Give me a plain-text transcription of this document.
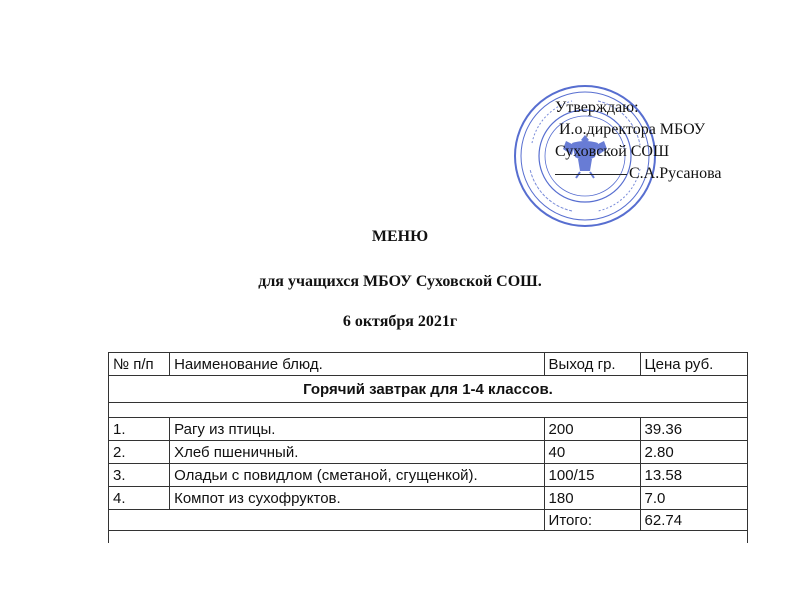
Утверждаю:
И.о.директора МБОУ
Суховской СОШ
С.А.Русанова
МЕНЮ
для учащихся МБОУ Суховской СОШ.
6 октября 2021г
№ п/п	Наименование блюд.	Выход гр.	Цена руб.
Горячий завтрак для 1-4 классов.			

1.	Рагу из птицы.	200	39.36
2.	Хлеб пшеничный.	40	2.80
3.	Оладьи с повидлом (сметаной, сгущенкой).	100/15	13.58
4.	Компот из сухофруктов.	180	7.0
		Итого:	62.74
